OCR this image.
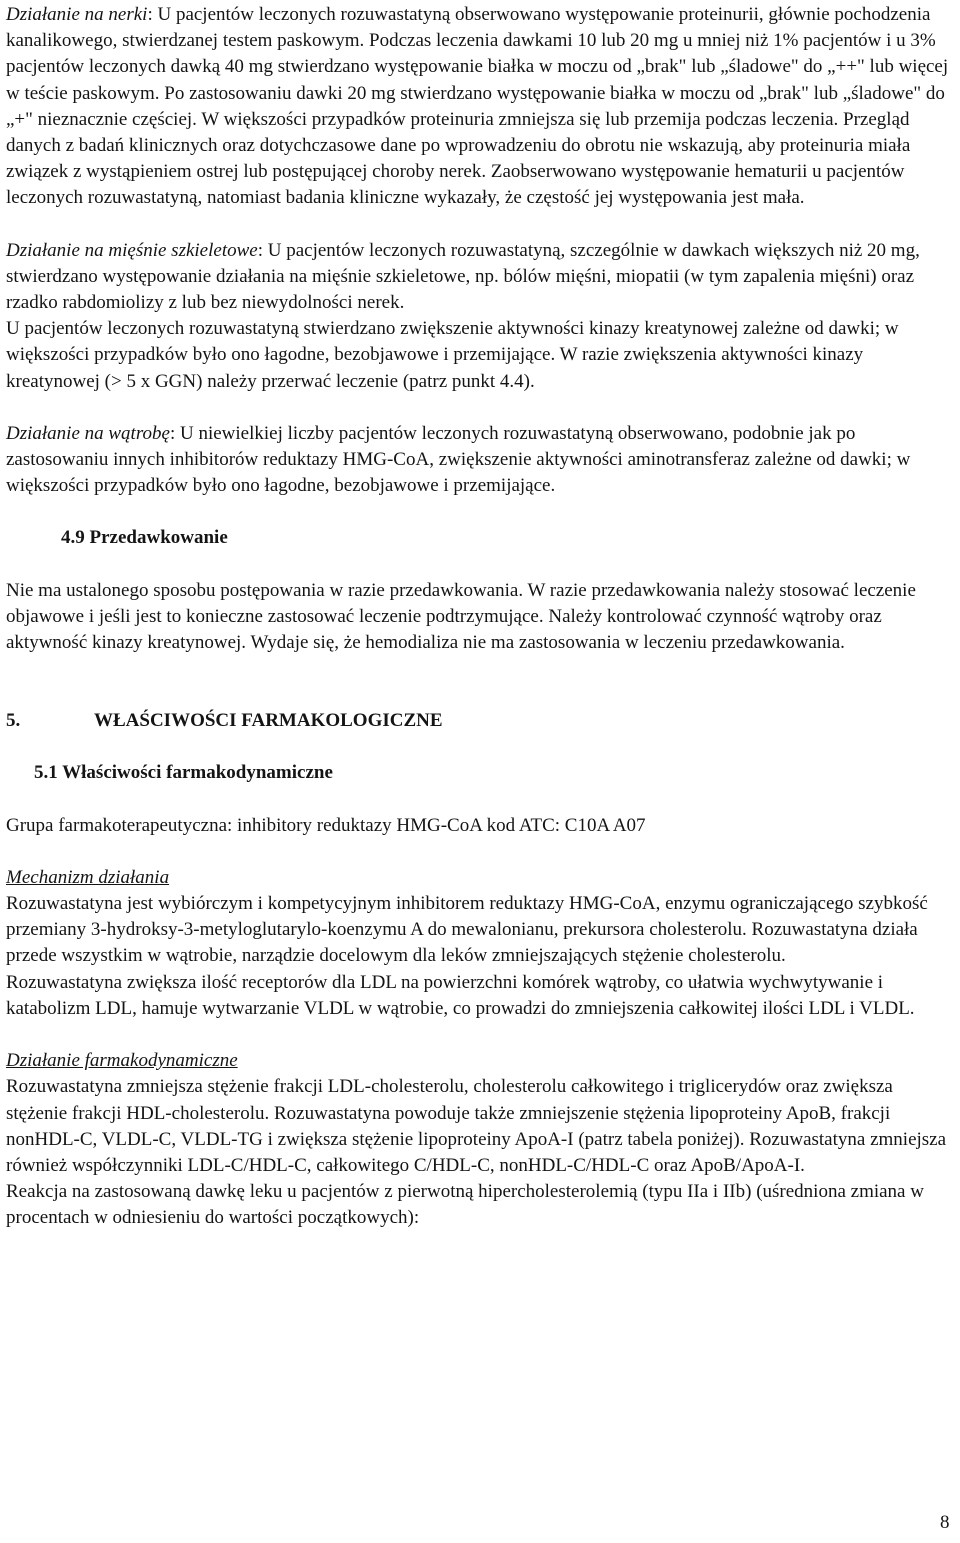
Działanie na nerki: U pacjentów leczonych rozuwastatyną obserwowano występowanie proteinurii, głównie pochodzenia kanalikowego, stwierdzanej testem paskowym. Podczas leczenia dawkami 10 lub 20 mg u mniej niż 1% pacjentów i u 3% pacjentów leczonych dawką 40 mg stwierdzano występowanie białka w moczu od „brak" lub „śladowe" do „++" lub więcej w teście paskowym. Po zastosowaniu dawki 20 mg stwierdzano występowanie białka w moczu od „brak" lub „śladowe" do „+" nieznacznie częściej. W większości przypadków proteinuria zmniejsza się lub przemija podczas leczenia. Przegląd danych z badań klinicznych oraz dotychczasowe dane po wprowadzeniu do obrotu nie wskazują, aby proteinuria miała związek z wystąpieniem ostrej lub postępującej choroby nerek. Zaobserwowano występowanie hematurii u pacjentów leczonych rozuwastatyną, natomiast badania kliniczne wykazały, że częstość jej występowania jest mała.

Działanie na mięśnie szkieletowe: U pacjentów leczonych rozuwastatyną, szczególnie w dawkach większych niż 20 mg, stwierdzano występowanie działania na mięśnie szkieletowe, np. bólów mięśni, miopatii (w tym zapalenia mięśni) oraz rzadko rabdomiolizy z lub bez niewydolności nerek.

U pacjentów leczonych rozuwastatyną stwierdzano zwiększenie aktywności kinazy kreatynowej zależne od dawki; w większości przypadków było ono łagodne, bezobjawowe i przemijające. W razie zwiększenia aktywności kinazy kreatynowej (> 5 x GGN) należy przerwać leczenie (patrz punkt 4.4).

Działanie na wątrobę: U niewielkiej liczby pacjentów leczonych rozuwastatyną obserwowano, podobnie jak po zastosowaniu innych inhibitorów reduktazy HMG-CoA, zwiększenie aktywności aminotransferaz zależne od dawki; w większości przypadków było ono łagodne, bezobjawowe i przemijające.

4.9 Przedawkowanie

Nie ma ustalonego sposobu postępowania w razie przedawkowania. W razie przedawkowania należy stosować leczenie objawowe i jeśli jest to konieczne zastosować leczenie podtrzymujące. Należy kontrolować czynność wątroby oraz aktywność kinazy kreatynowej. Wydaje się, że hemodializa nie ma zastosowania w leczeniu przedawkowania.

5.	WŁAŚCIWOŚCI FARMAKOLOGICZNE

5.1 Właściwości farmakodynamiczne

Grupa farmakoterapeutyczna: inhibitory reduktazy HMG-CoA kod ATC: C10A A07

Mechanizm działania

Rozuwastatyna jest wybiórczym i kompetycyjnym inhibitorem reduktazy HMG-CoA, enzymu ograniczającego szybkość przemiany 3-hydroksy-3-metyloglutarylo-koenzymu A do mewalonianu, prekursora cholesterolu. Rozuwastatyna działa przede wszystkim w wątrobie, narządzie docelowym dla leków zmniejszających stężenie cholesterolu.

Rozuwastatyna zwiększa ilość receptorów dla LDL na powierzchni komórek wątroby, co ułatwia wychwytywanie i katabolizm LDL, hamuje wytwarzanie VLDL w wątrobie, co prowadzi do zmniejszenia całkowitej ilości LDL i VLDL.

Działanie farmakodynamiczne

Rozuwastatyna zmniejsza stężenie frakcji LDL-cholesterolu, cholesterolu całkowitego i triglicerydów oraz zwiększa stężenie frakcji HDL-cholesterolu. Rozuwastatyna powoduje także zmniejszenie stężenia lipoproteiny ApoB, frakcji nonHDL-C, VLDL-C, VLDL-TG i zwiększa stężenie lipoproteiny ApoA-I (patrz tabela poniżej). Rozuwastatyna zmniejsza również współczynniki LDL-C/HDL-C, całkowitego C/HDL-C, nonHDL-C/HDL-C oraz ApoB/ApoA-I.

Reakcja na zastosowaną dawkę leku u pacjentów z pierwotną hipercholesterolemią (typu IIa i IIb) (uśredniona zmiana w procentach w odniesieniu do wartości początkowych):

8
